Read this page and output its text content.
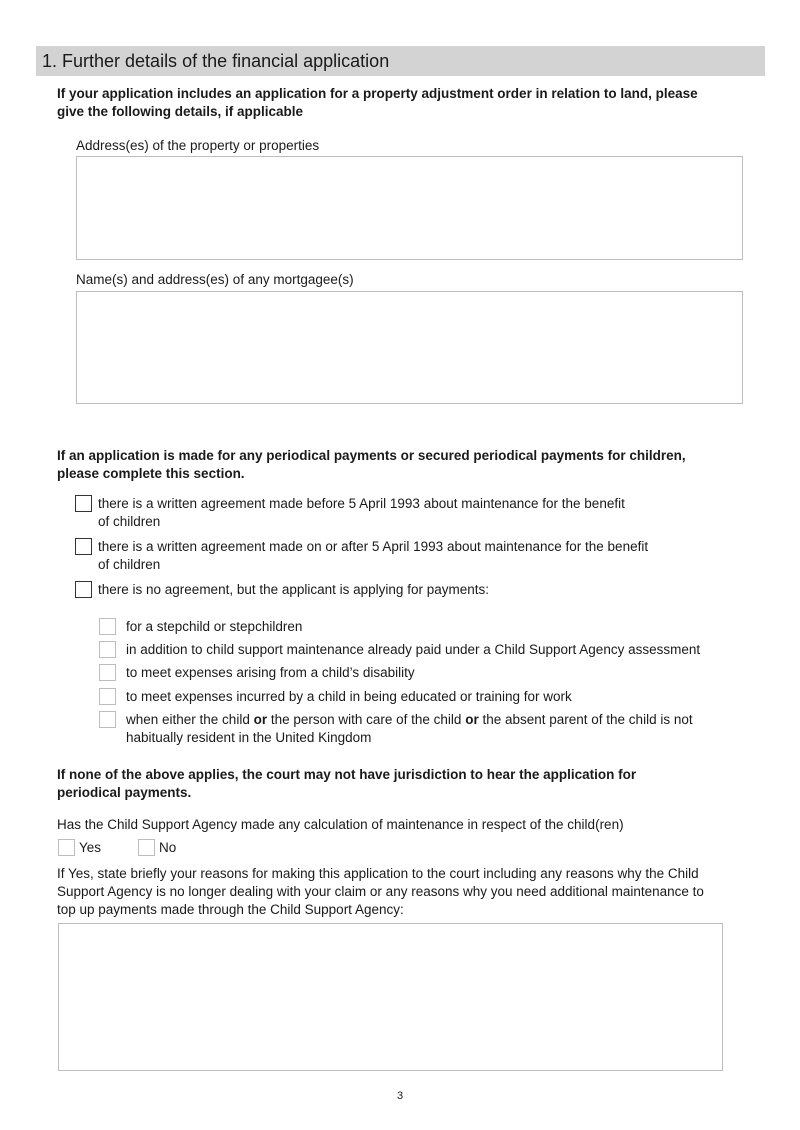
1. Further details of the financial application
If your application includes an application for a property adjustment order in relation to land, please
give the following details, if applicable
Address(es) of the property or properties
Name(s) and address(es) of any mortgagee(s)
If an application is made for any periodical payments or secured periodical payments for children,
please complete this section.
there is a written agreement made before 5 April 1993 about maintenance for the benefit
of children
there is a written agreement made on or after 5 April 1993 about maintenance for the benefit
of children
there is no agreement, but the applicant is applying for payments:
for a stepchild or stepchildren
in addition to child support maintenance already paid under a Child Support Agency assessment
to meet expenses arising from a child’s disability
to meet expenses incurred by a child in being educated or training for work
when either the child or the person with care of the child or the absent parent of the child is not
habitually resident in the United Kingdom
If none of the above applies, the court may not have jurisdiction to hear the application for
periodical payments.
Has the Child Support Agency made any calculation of maintenance in respect of the child(ren)
Yes	No
If Yes, state briefly your reasons for making this application to the court including any reasons why the Child
Support Agency is no longer dealing with your claim or any reasons why you need additional maintenance to
top up payments made through the Child Support Agency:
3
